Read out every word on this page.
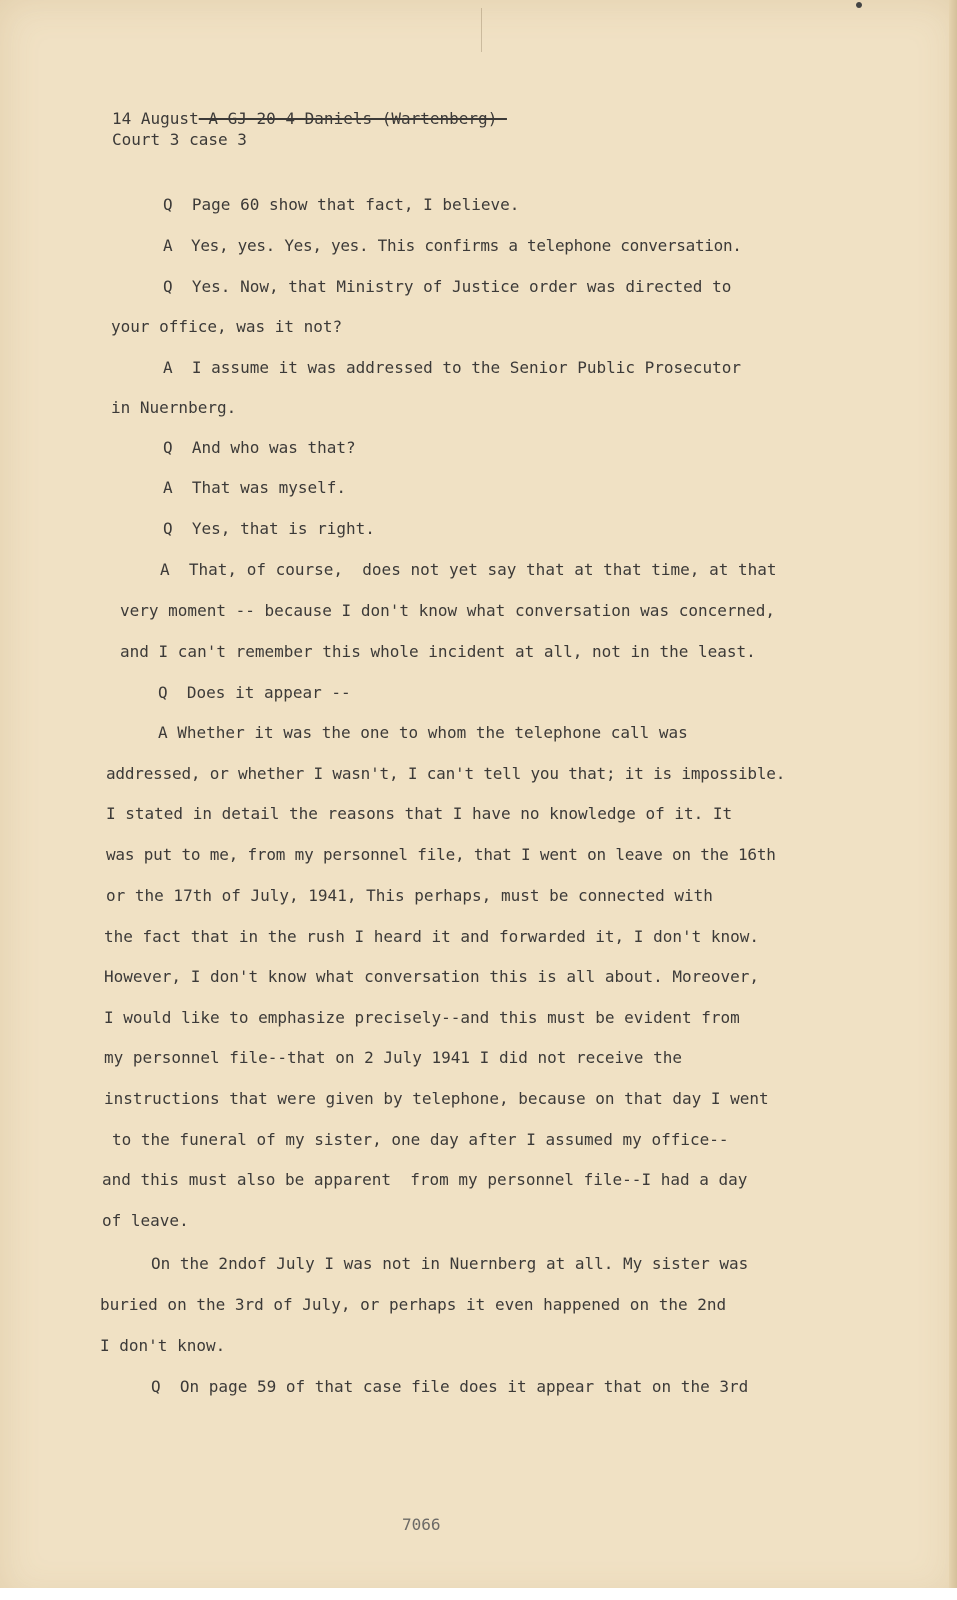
14 August-A-GJ-20-4-Daniels-(Wartenberg)-
Court 3 case 3
Q  Page 60 show that fact, I believe.
A  Yes, yes. Yes, yes. This confirms a telephone conversation.
Q  Yes. Now, that Ministry of Justice order was directed to
your office, was it not?
A  I assume it was addressed to the Senior Public Prosecutor
in Nuernberg.
Q  And who was that?
A  That was myself.
Q  Yes, that is right.
A  That, of course,  does not yet say that at that time, at that
very moment -- because I don't know what conversation was concerned,
and I can't remember this whole incident at all, not in the least.
Q  Does it appear --
A Whether it was the one to whom the telephone call was
addressed, or whether I wasn't, I can't tell you that; it is impossible.
I stated in detail the reasons that I have no knowledge of it. It
was put to me, from my personnel file, that I went on leave on the 16th
or the 17th of July, 1941, This perhaps, must be connected with
the fact that in the rush I heard it and forwarded it, I don't know.
However, I don't know what conversation this is all about. Moreover,
I would like to emphasize precisely--and this must be evident from
my personnel file--that on 2 July 1941 I did not receive the
instructions that were given by telephone, because on that day I went
to the funeral of my sister, one day after I assumed my office--
and this must also be apparent  from my personnel file--I had a day
of leave.
On the 2ndof July I was not in Nuernberg at all. My sister was
buried on the 3rd of July, or perhaps it even happened on the 2nd
I don't know.
Q  On page 59 of that case file does it appear that on the 3rd
7066
